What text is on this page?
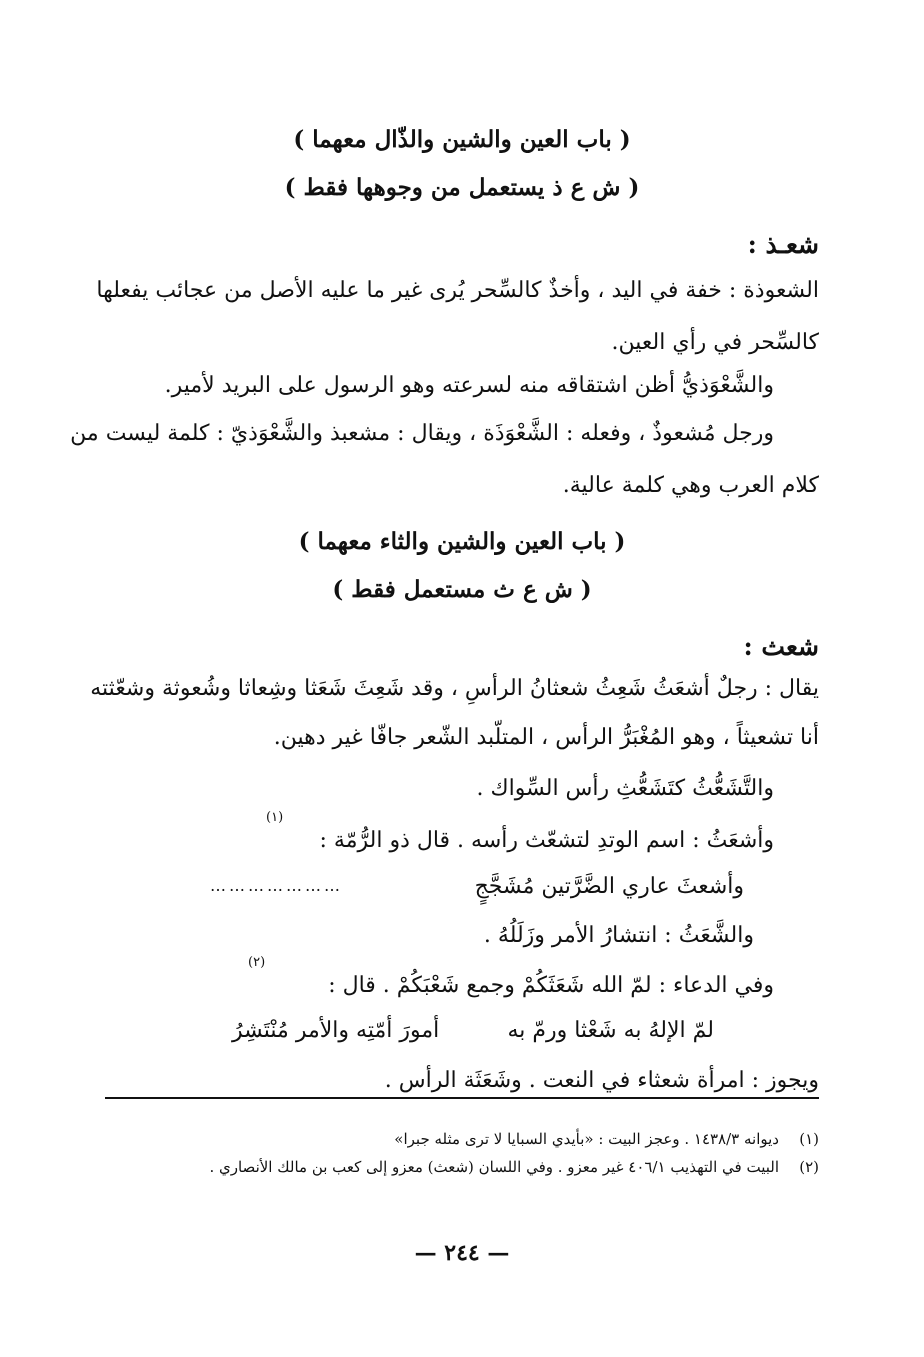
( باب العين والشين والذّال معهما )
( ش ع ذ يستعمل من وجوهها فقط )
شعـذ :
الشعوذة : خفة في اليد ، وأخذٌ كالسِّحر يُرى غير ما عليه الأصل من عجائب يفعلها
كالسِّحر في رأي العين.
والشَّعْوَذيُّ أظن اشتقاقه منه لسرعته وهو الرسول على البريد لأمير.
ورجل مُشعوذٌ ، وفعله : الشَّعْوَذَة ، ويقال : مشعبذ والشَّعْوَذيّ : كلمة ليست من
كلام العرب وهي كلمة عالية.
( باب العين والشين والثاء معهما )
( ش ع ث مستعمل فقط )
شعث :
يقال : رجلٌ أشعَثُ شَعِثُ شعثانُ الرأسِ ، وقد شَعِثَ شَعَثا وشِعاثا وشُعوثة وشعّثته
أنا تشعيثاً ، وهو المُغْبَرُّ الرأس ، المتلّبد الشّعر جافّا غير دهين.
والتَّشَعُّثُ كتَشَعُّثِ رأس السِّواك .
وأشعَثُ : اسم الوتدِ لتشعّث رأسه . قال ذو الرُّمّة :
(١)
وأشعثَ عاري الضَّرَّتين مُشَجَّجٍ
…………………
والشَّعَثُ : انتشارُ الأمر وزَلَلُهُ .
وفي الدعاء : لمّ الله شَعَثَكُمْ وجمع شَعْبَكُمْ . قال :
(٢)
لمّ الإلهُ به شَعْثا ورمّ به
أمورَ أمّتِه والأمر مُنْتَشِرُ
ويجوز : امرأة شعثاء في النعت . وشَعَثَة الرأس .
(١)ديوانه ١٤٣٨/٣ . وعجز البيت : «بأيدي السبايا لا ترى مثله جبرا»
(٢)البيت في التهذيب ٤٠٦/١ غير معزو . وفي اللسان (شعث) معزو إلى كعب بن مالك الأنصاري .
— ٢٤٤ —
